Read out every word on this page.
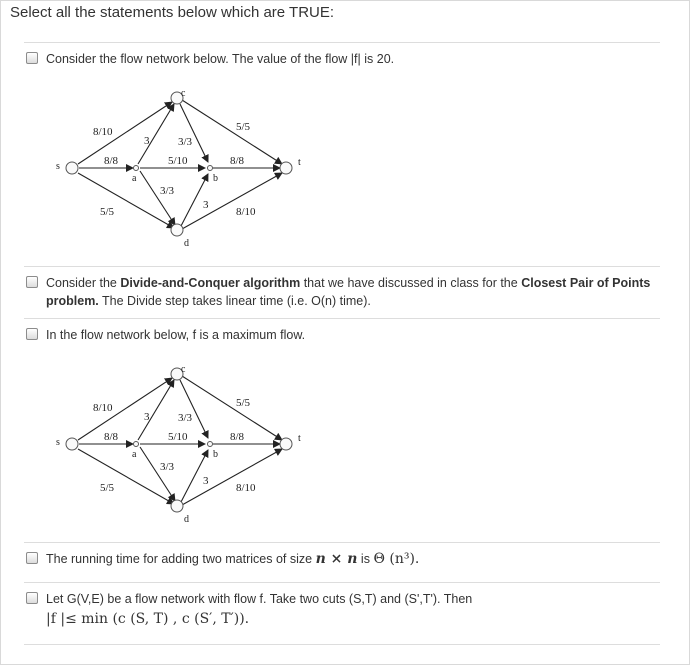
Select all the statements below which are TRUE:
Consider the flow network below. The value of the flow |f| is 20.
s
a
c
b
d
t
8/10
8/8
5/5
3	3/3
5/10
3/3
3
5/5
8/8
8/10
Consider the Divide-and-Conquer algorithm that we have discussed in class for the Closest Pair of Points problem. The Divide step takes linear time (i.e. O(n) time).
In the flow network below, f is a maximum flow.
s
a
c
b
d
t
8/10
8/8
5/5
3	3/3
5/10
3/3
3
5/5
8/8
8/10
The running time for adding two matrices of size n × n is Θ (n³).
Let G(V,E) be a flow network with flow f. Take two cuts (S,T) and (S',T'). Then
|f |≤ min (c (S, T) , c (S′, T′)).
